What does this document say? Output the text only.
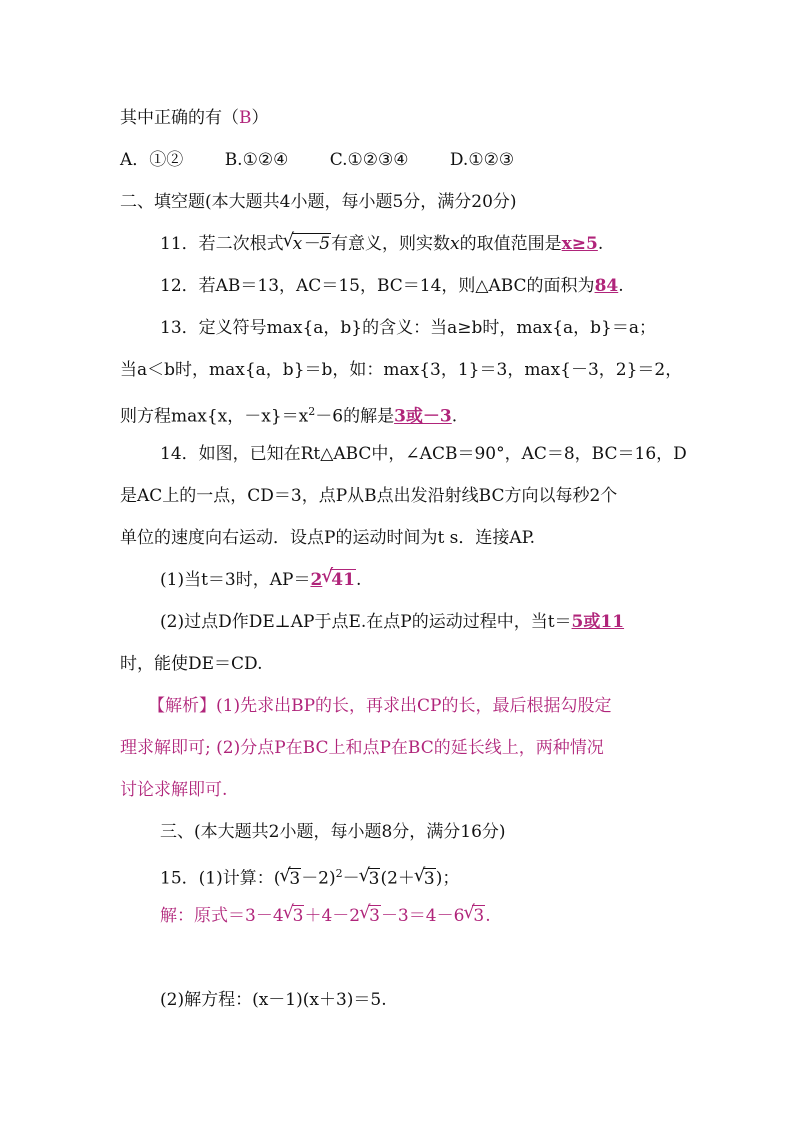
其中正确的有（B）
A．①② B.①②④ C.①②③④ D.①②③
二、填空题(本大题共4小题，每小题5分，满分20分)
11．若二次根式 √ x－5有意义，则实数x的取值范围是x≥5.
12．若AB＝13，AC＝15，BC＝14，则△ABC的面积为84.
13．定义符号max{a，b}的含义：当a≥b时，max{a，b}＝a；
当a＜b时，max{a，b}＝b，如：max{3，1}＝3，max{－3，2}＝2，
则方程max{x，$-x\}=x^2-6$的解是3或－3.
14．如图，已知在Rt△ABC中，∠ACB＝90°，AC＝8，BC＝16，D
是AC上的一点，CD＝3，点P从B点出发沿射线BC方向以每秒2个
单位的速度向右运动．设点P的运动时间为t s．连接AP.
(1)当t＝3时，AP＝2 √ 41.
(2)过点D作DE⊥AP于点E.在点P的运动过程中，当t＝5或11
时，能使DE＝CD.
【解析】(1)先求出BP的长，再求出CP的长，最后根据勾股定
理求解即可; (2)分点P在BC上和点P在BC的延长线上，两种情况
讨论求解即可.
三、(本大题共2小题，每小题8分，满分16分)
15．(1)计算：( √ 3－2)$^2$－ √ 3(2＋ √ 3)；
解：原式＝3－4 √ 3＋4－2 √ 3－3＝4－6 √ 3.
(2)解方程：(x－1)(x＋3)＝5.
